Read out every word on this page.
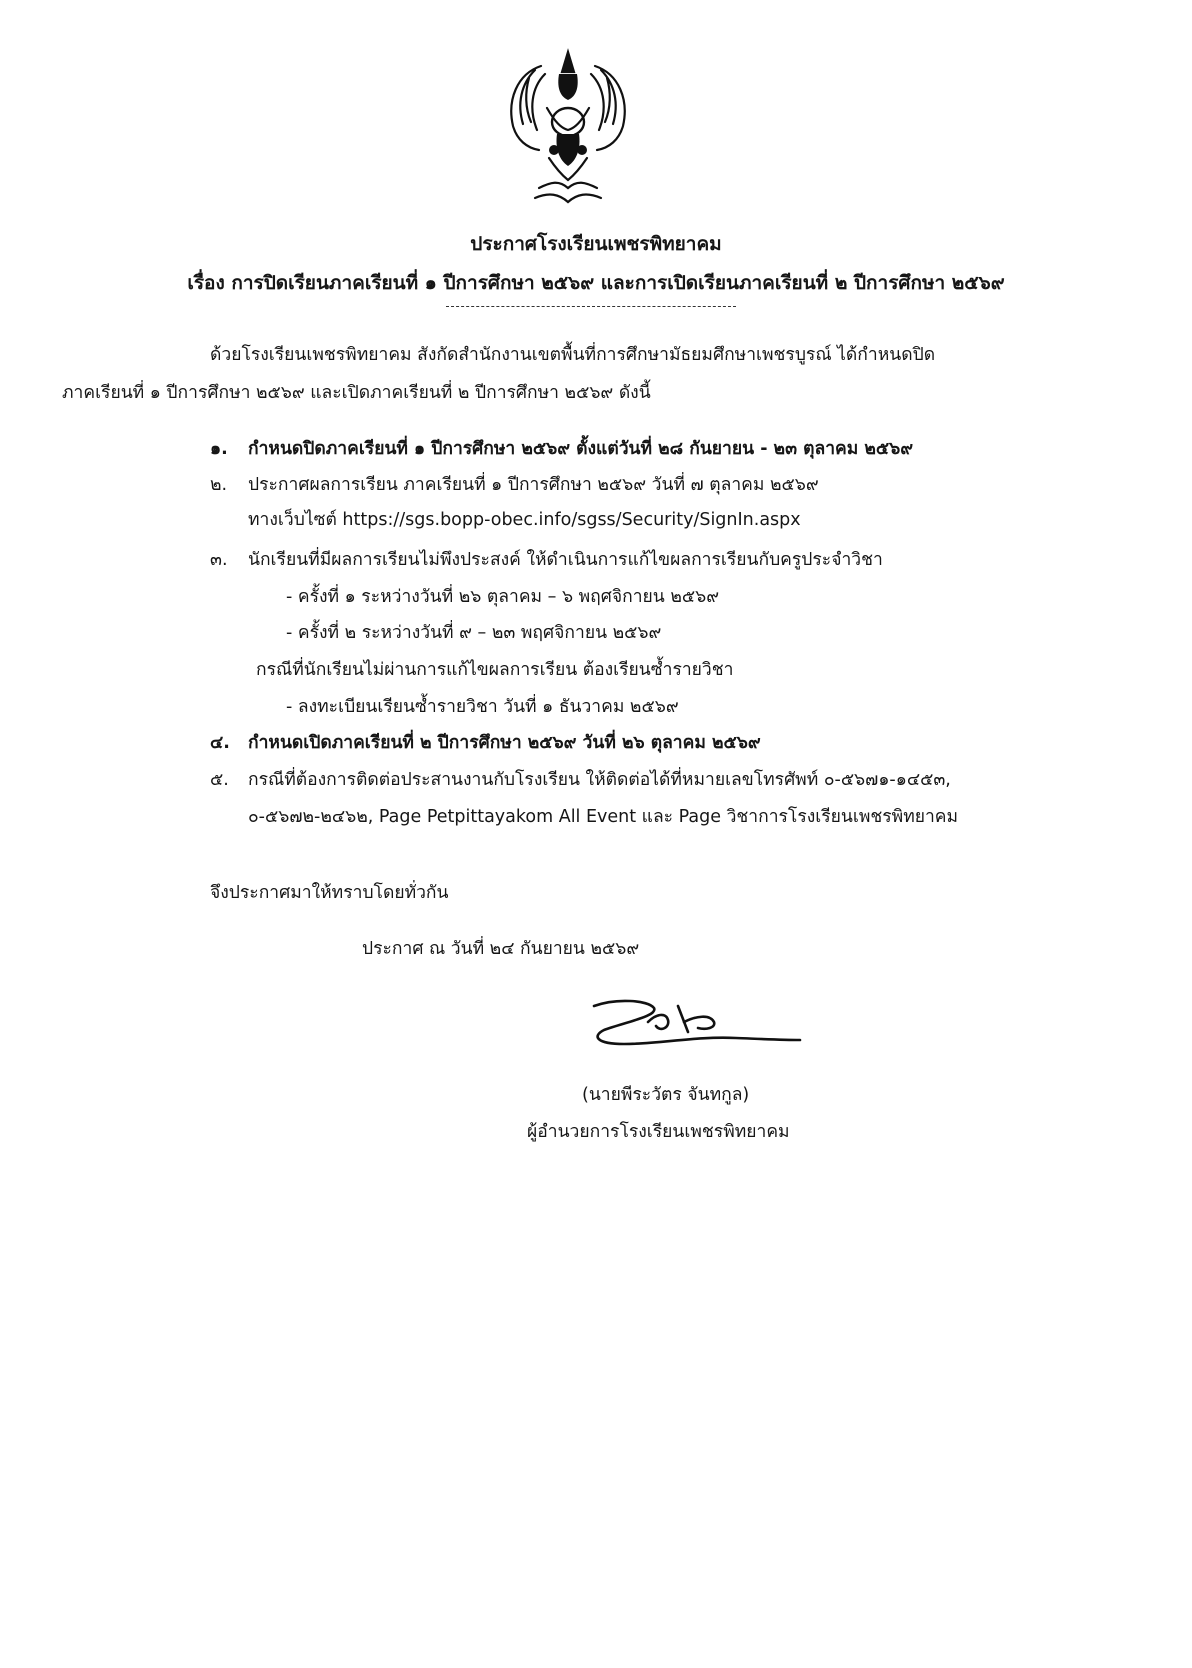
ประกาศโรงเรียนเพชรพิทยาคม
เรื่อง การปิดเรียนภาคเรียนที่ ๑ ปีการศึกษา ๒๕๖๙ และการเปิดเรียนภาคเรียนที่ ๒ ปีการศึกษา ๒๕๖๙
ด้วยโรงเรียนเพชรพิทยาคม สังกัดสำนักงานเขตพื้นที่การศึกษามัธยมศึกษาเพชรบูรณ์ ได้กำหนดปิด
ภาคเรียนที่ ๑ ปีการศึกษา ๒๕๖๙ และเปิดภาคเรียนที่ ๒ ปีการศึกษา ๒๕๖๙ ดังนี้
๑. กำหนดปิดภาคเรียนที่ ๑ ปีการศึกษา ๒๕๖๙ ตั้งแต่วันที่ ๒๘ กันยายน - ๒๓ ตุลาคม ๒๕๖๙
๒. ประกาศผลการเรียน ภาคเรียนที่ ๑ ปีการศึกษา ๒๕๖๙ วันที่ ๗ ตุลาคม ๒๕๖๙
ทางเว็บไซต์ https://sgs.bopp-obec.info/sgss/Security/SignIn.aspx
๓. นักเรียนที่มีผลการเรียนไม่พึงประสงค์ ให้ดำเนินการแก้ไขผลการเรียนกับครูประจำวิชา
- ครั้งที่ ๑ ระหว่างวันที่ ๒๖ ตุลาคม – ๖ พฤศจิกายน ๒๕๖๙
- ครั้งที่ ๒ ระหว่างวันที่ ๙ – ๒๓ พฤศจิกายน ๒๕๖๙
กรณีที่นักเรียนไม่ผ่านการแก้ไขผลการเรียน ต้องเรียนซ้ำรายวิชา
- ลงทะเบียนเรียนซ้ำรายวิชา วันที่ ๑ ธันวาคม ๒๕๖๙
๔. กำหนดเปิดภาคเรียนที่ ๒ ปีการศึกษา ๒๕๖๙ วันที่ ๒๖ ตุลาคม ๒๕๖๙
๕. กรณีที่ต้องการติดต่อประสานงานกับโรงเรียน ให้ติดต่อได้ที่หมายเลขโทรศัพท์ ๐-๕๖๗๑-๑๔๕๓,
๐-๕๖๗๒-๒๔๖๒, Page Petpittayakom All Event และ Page วิชาการโรงเรียนเพชรพิทยาคม
จึงประกาศมาให้ทราบโดยทั่วกัน
ประกาศ ณ วันที่ ๒๔ กันยายน ๒๕๖๙
(นายพีระวัตร จันทกูล)
ผู้อำนวยการโรงเรียนเพชรพิทยาคม
